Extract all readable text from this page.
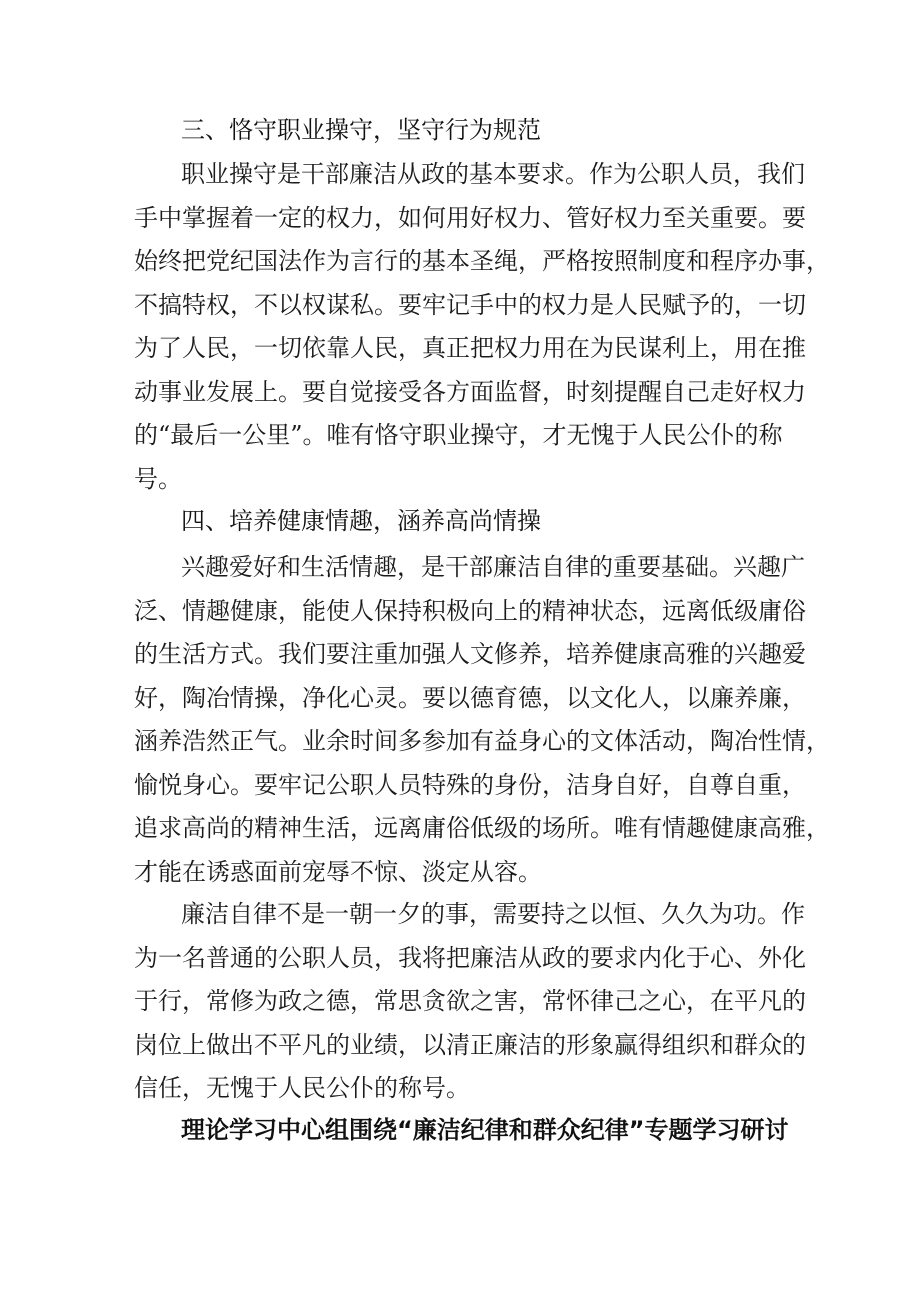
三、恪守职业操守，坚守行为规范
职业操守是干部廉洁从政的基本要求。作为公职人员，我们
手中掌握着一定的权力，如何用好权力、管好权力至关重要。要
始终把党纪国法作为言行的基本圣绳，严格按照制度和程序办事，
不搞特权，不以权谋私。要牢记手中的权力是人民赋予的，一切
为了人民，一切依靠人民，真正把权力用在为民谋利上，用在推
动事业发展上。要自觉接受各方面监督，时刻提醒自己走好权力
的“最后一公里”。唯有恪守职业操守，才无愧于人民公仆的称
号。
四、培养健康情趣，涵养高尚情操
兴趣爱好和生活情趣，是干部廉洁自律的重要基础。兴趣广
泛、情趣健康，能使人保持积极向上的精神状态，远离低级庸俗
的生活方式。我们要注重加强人文修养，培养健康高雅的兴趣爱
好，陶冶情操，净化心灵。要以德育德，以文化人，以廉养廉，
涵养浩然正气。业余时间多参加有益身心的文体活动，陶冶性情，
愉悦身心。要牢记公职人员特殊的身份，洁身自好，自尊自重，
追求高尚的精神生活，远离庸俗低级的场所。唯有情趣健康高雅，
才能在诱惑面前宠辱不惊、淡定从容。
廉洁自律不是一朝一夕的事，需要持之以恒、久久为功。作
为一名普通的公职人员，我将把廉洁从政的要求内化于心、外化
于行，常修为政之德，常思贪欲之害，常怀律己之心，在平凡的
岗位上做出不平凡的业绩，以清正廉洁的形象赢得组织和群众的
信任，无愧于人民公仆的称号。
理论学习中心组围绕“廉洁纪律和群众纪律”专题学习研讨
